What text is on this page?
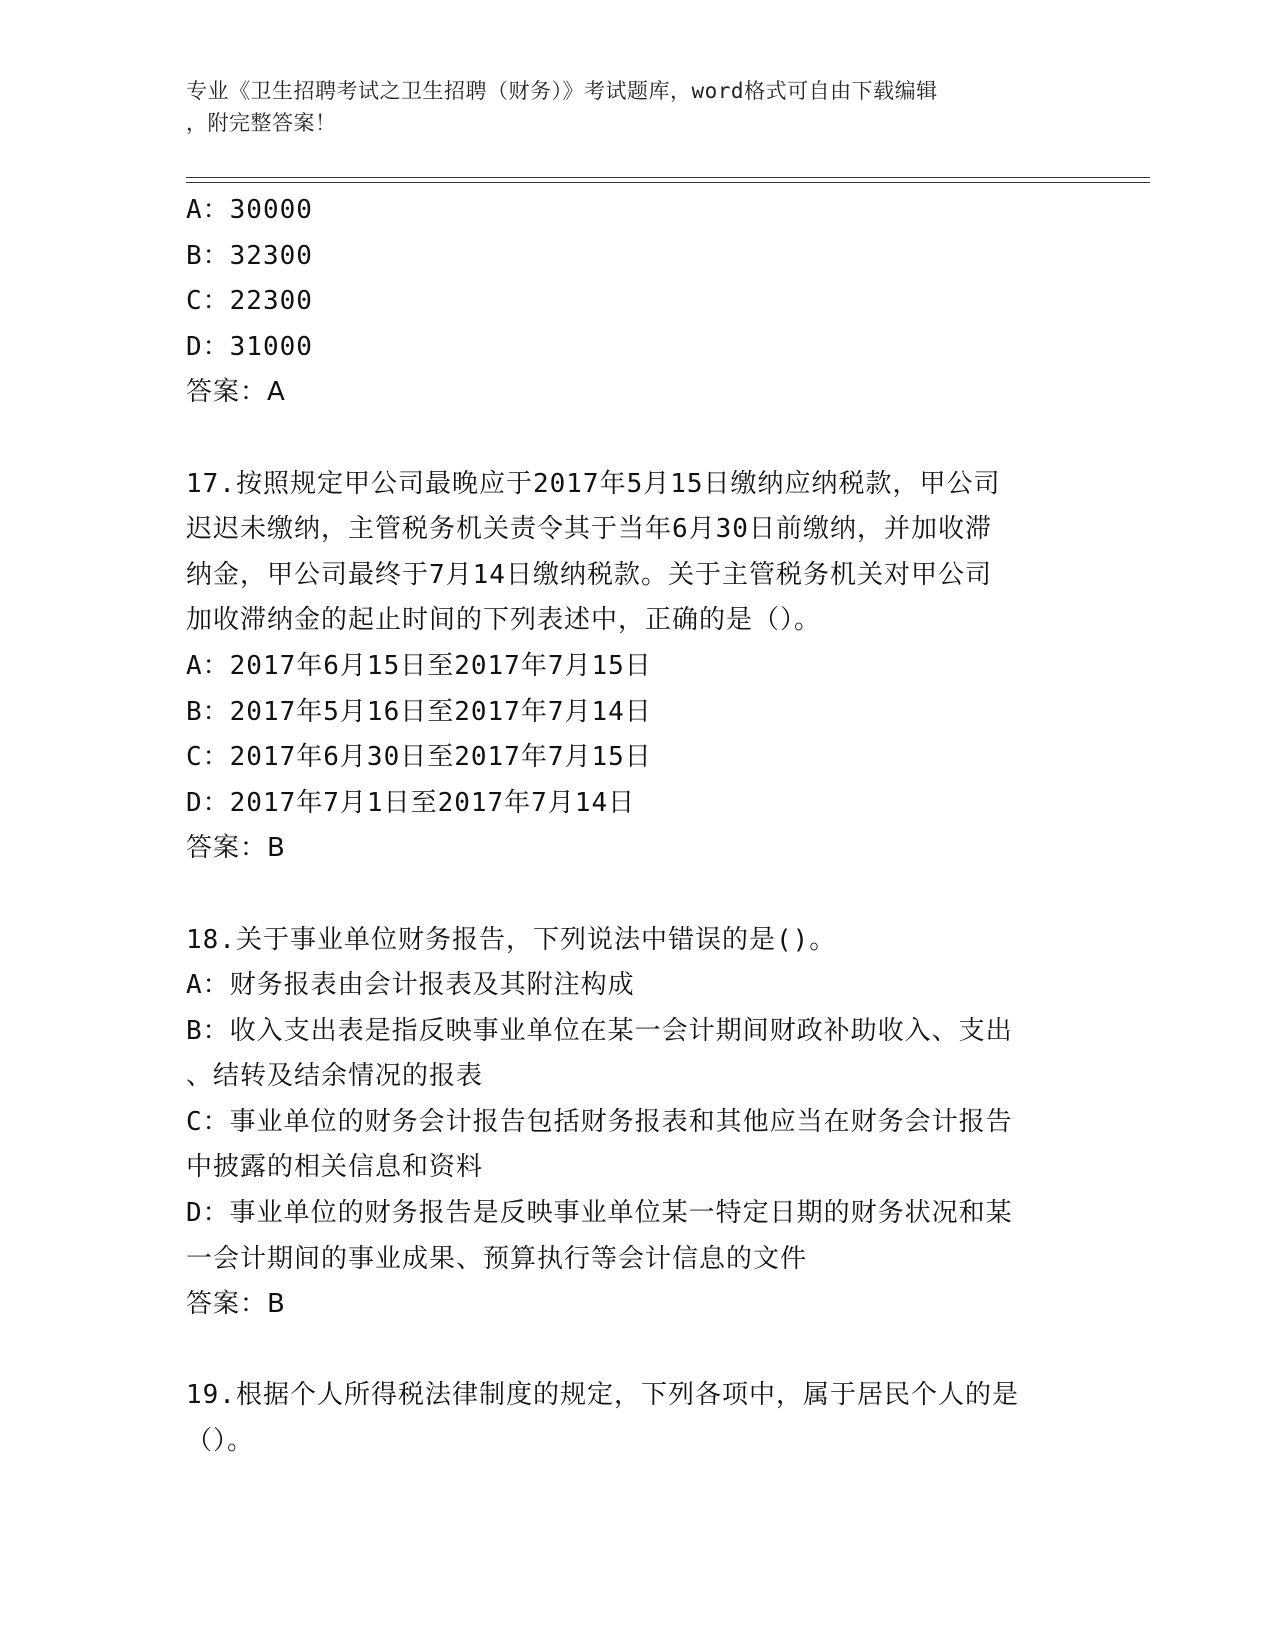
专业《卫生招聘考试之卫生招聘（财务）》考试题库，word格式可自由下载编辑
，附完整答案！
A：30000
B：32300
C：22300
D：31000
答案：A
17.按照规定甲公司最晚应于2017年5月15日缴纳应纳税款，甲公司
迟迟未缴纳，主管税务机关责令其于当年6月30日前缴纳，并加收滞
纳金，甲公司最终于7月14日缴纳税款。关于主管税务机关对甲公司
加收滞纳金的起止时间的下列表述中，正确的是（）。
A：2017年6月15日至2017年7月15日
B：2017年5月16日至2017年7月14日
C：2017年6月30日至2017年7月15日
D：2017年7月1日至2017年7月14日
答案：B
18.关于事业单位财务报告，下列说法中错误的是()。
A：财务报表由会计报表及其附注构成
B：收入支出表是指反映事业单位在某一会计期间财政补助收入、支出
、结转及结余情况的报表
C：事业单位的财务会计报告包括财务报表和其他应当在财务会计报告
中披露的相关信息和资料
D：事业单位的财务报告是反映事业单位某一特定日期的财务状况和某
一会计期间的事业成果、预算执行等会计信息的文件
答案：B
19.根据个人所得税法律制度的规定，下列各项中，属于居民个人的是
（）。
